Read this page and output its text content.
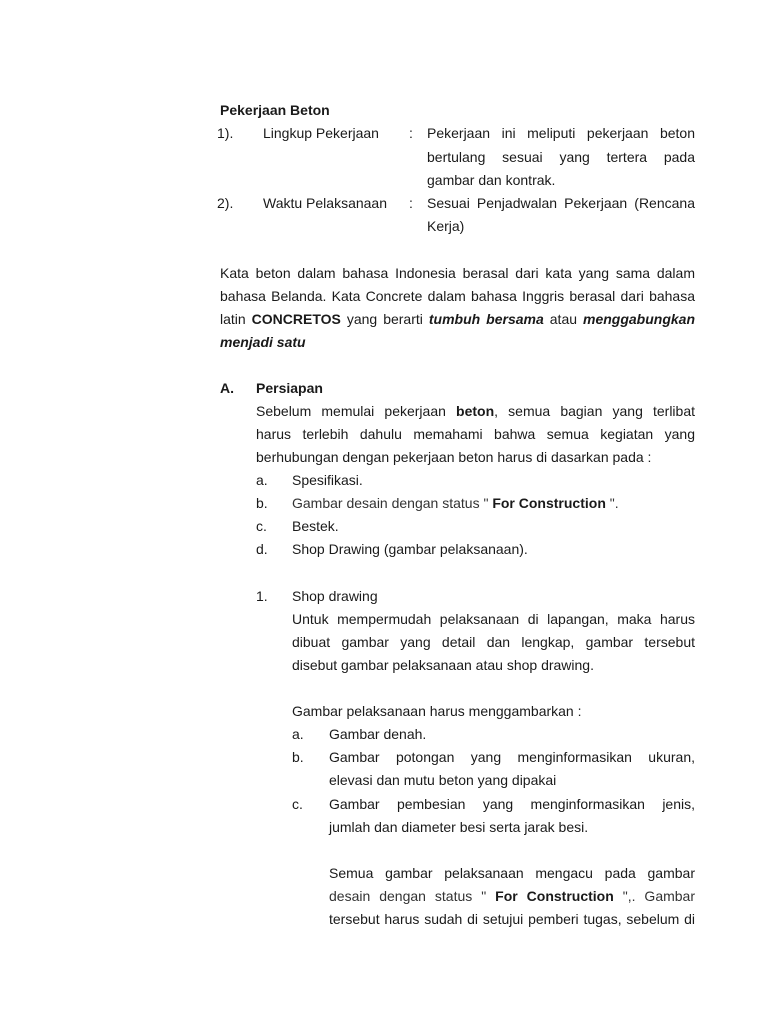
Pekerjaan Beton
1). Lingkup Pekerjaan : Pekerjaan ini meliputi pekerjaan beton
bertulang sesuai yang tertera pada
gambar dan kontrak.
2). Waktu Pelaksanaan : Sesuai Penjadwalan Pekerjaan (Rencana
Kerja)
Kata beton dalam bahasa Indonesia berasal dari kata yang sama dalam
bahasa Belanda. Kata Concrete dalam bahasa Inggris berasal dari bahasa
latin CONCRETOS yang berarti tumbuh bersama atau menggabungkan
menjadi satu
A. Persiapan
Sebelum memulai pekerjaan beton, semua bagian yang terlibat
harus terlebih dahulu memahami bahwa semua kegiatan yang
berhubungan dengan pekerjaan beton harus di dasarkan pada :
a. Spesifikasi.
b. Gambar desain dengan status " For Construction ".
c. Bestek.
d. Shop Drawing (gambar pelaksanaan).
1. Shop drawing
Untuk mempermudah pelaksanaan di lapangan, maka harus
dibuat gambar yang detail dan lengkap, gambar tersebut
disebut gambar pelaksanaan atau shop drawing.
Gambar pelaksanaan harus menggambarkan :
a. Gambar denah.
b. Gambar potongan yang menginformasikan ukuran,
elevasi dan mutu beton yang dipakai
c. Gambar pembesian yang menginformasikan jenis,
jumlah dan diameter besi serta jarak besi.
Semua gambar pelaksanaan mengacu pada gambar
desain dengan status " For Construction ",. Gambar
tersebut harus sudah di setujui pemberi tugas, sebelum di
